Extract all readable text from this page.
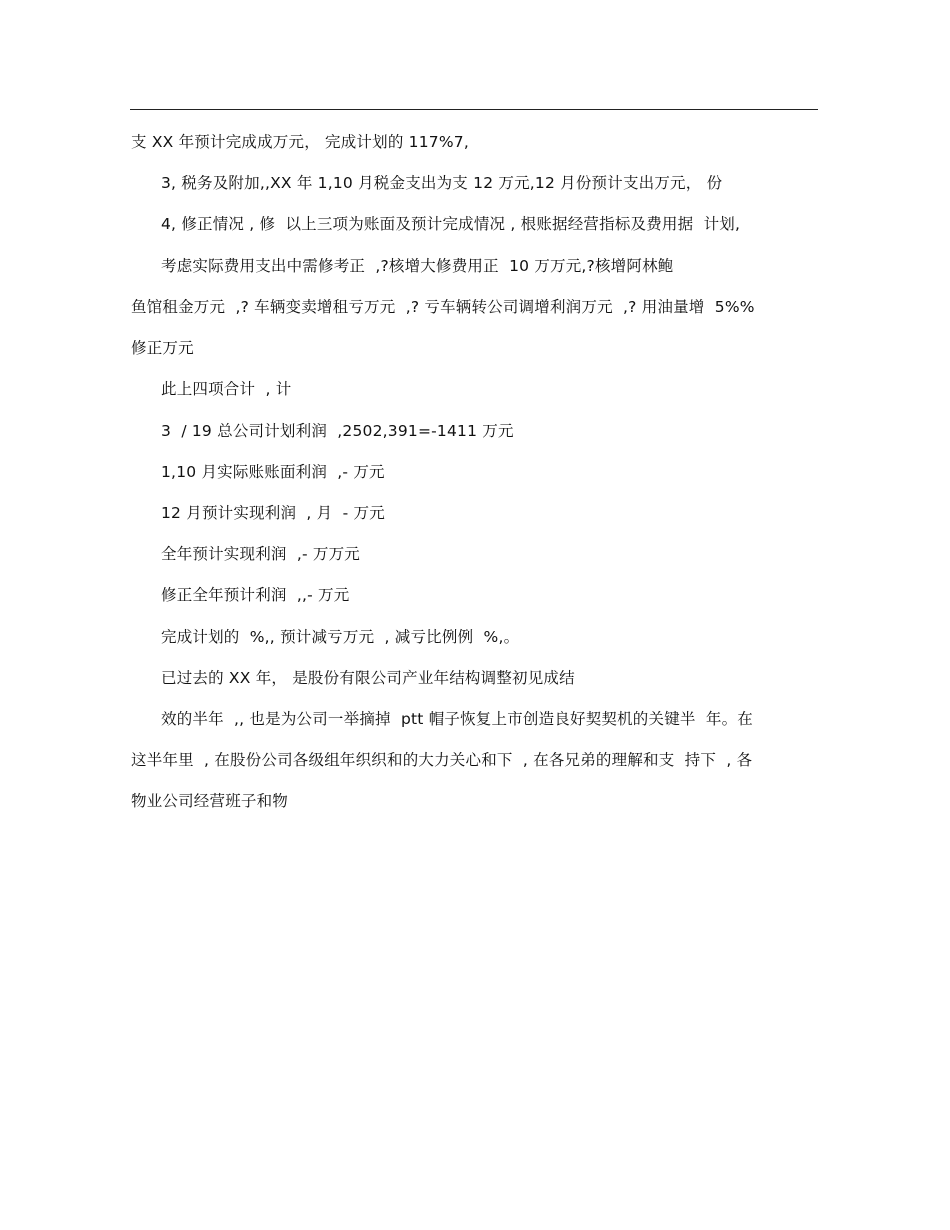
支 XX 年预计完成成万元， 完成计划的 117%7,
3, 税务及附加,,XX 年 1,10 月税金支出为支 12 万元,12 月份预计支出万元， 份
4, 修正情况 , 修  以上三项为账面及预计完成情况 , 根账据经营指标及费用据  计划,
考虑实际费用支出中需修考正  ,?核增大修费用正  10 万万元,?核增阿林鲍
鱼馆租金万元  ,? 车辆变卖增租亏万元  ,? 亏车辆转公司调增利润万元  ,? 用油量增  5%%
修正万元
此上四项合计  , 计
3  / 19 总公司计划利润  ,2502,391=-1411 万元
1,10 月实际账账面利润  ,- 万元
12 月预计实现利润  , 月  - 万元
全年预计实现利润  ,- 万万元
修正全年预计利润  ,,- 万元
完成计划的  %,, 预计减亏万元  , 减亏比例例  %,。
已过去的 XX 年， 是股份有限公司产业年结构调整初见成结
效的半年  ,, 也是为公司一举摘掉  ptt 帽子恢复上市创造良好契契机的关键半  年。在
这半年里  , 在股份公司各级组年织织和的大力关心和下  , 在各兄弟的理解和支  持下  , 各
物业公司经营班子和物
